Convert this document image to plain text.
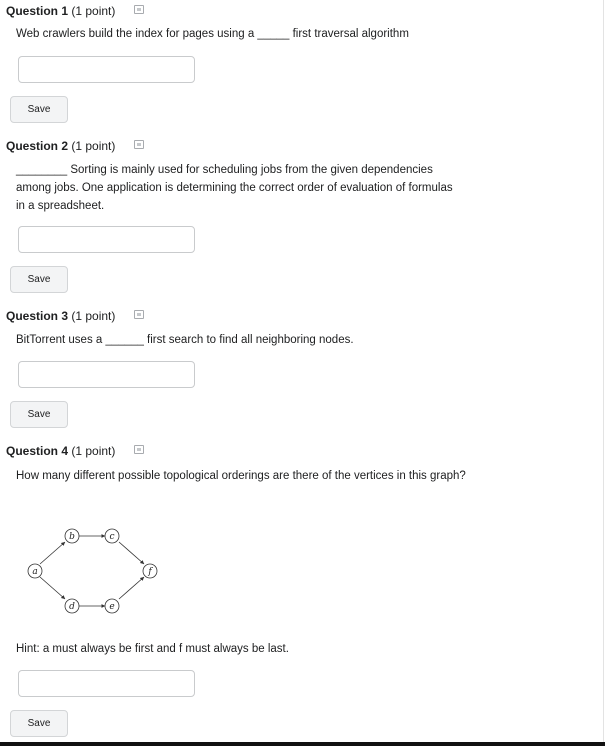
Question 1 (1 point)
Web crawlers build the index for pages using a _____ first traversal algorithm
Save
Question 2 (1 point)
________ Sorting is mainly used for scheduling jobs from the given dependencies among jobs. One application is determining the correct order of evaluation of formulas in a spreadsheet.
Save
Question 3 (1 point)
BitTorrent uses a ______ first search to find all neighboring nodes.
Save
Question 4 (1 point)
How many different possible topological orderings are there of the vertices in this graph?
a
b	c
d	e
f
Hint: a must always be first and f must always be last.
Save
